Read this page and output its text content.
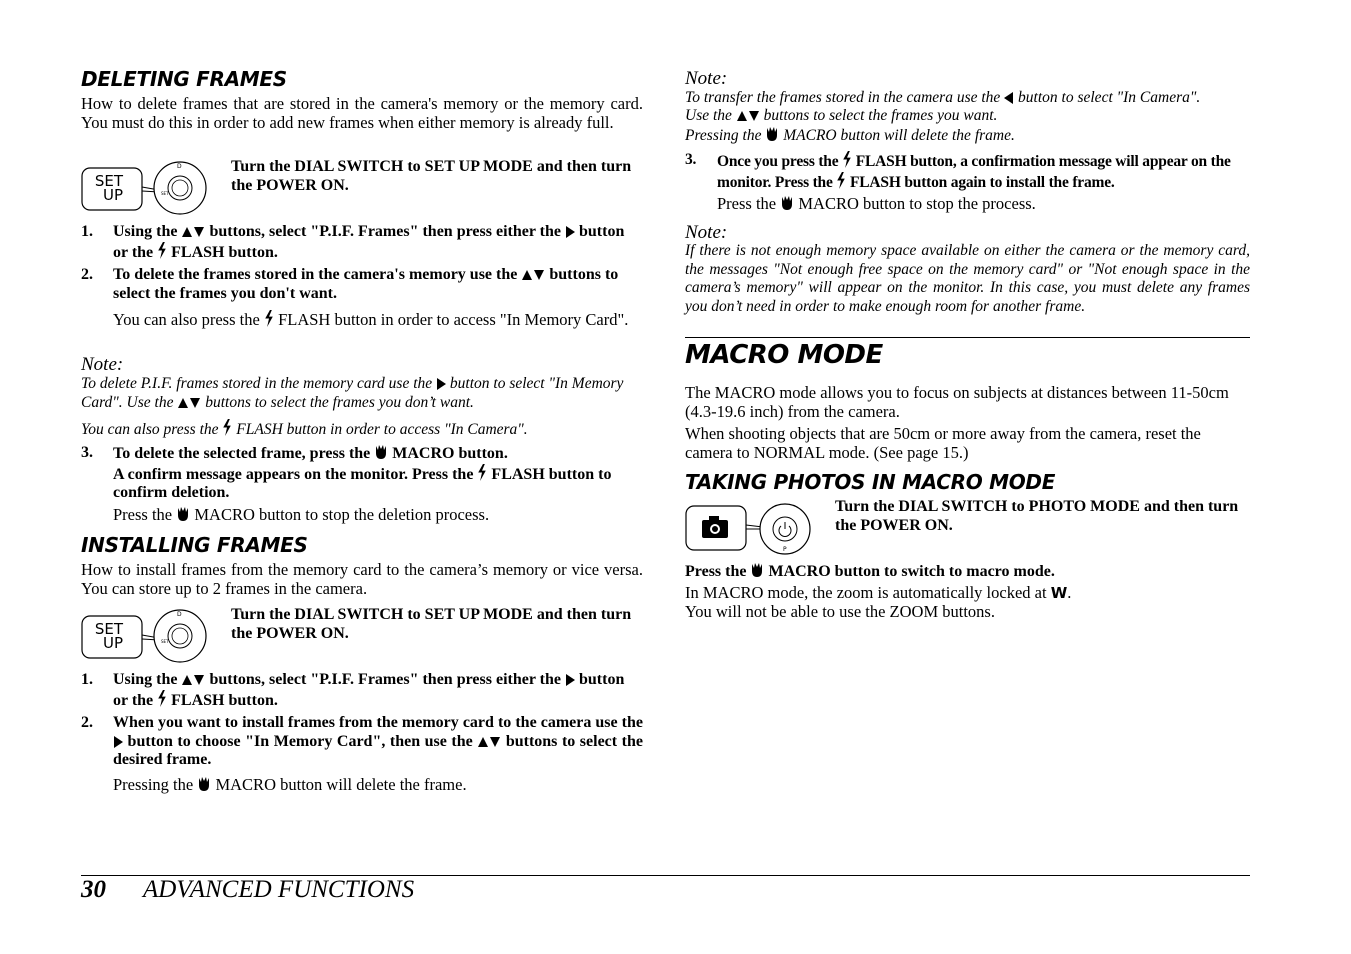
DELETING FRAMES
How to delete frames that are stored in the camera's memory or the memory card. You must do this in order to add new frames when either memory is already full.
D
SET
SET
UP
Turn the DIAL SWITCH to SET UP MODE and then turn the POWER ON.
1.	Using the  buttons, select "P.I.F. Frames" then press either the  button or the  FLASH button.
2.	To delete the frames stored in the camera's memory use the  buttons to select the frames you don't want.
You can also press the  FLASH button in order to access "In Memory Card".
Note:
To delete P.I.F. frames stored in the memory card use the  button to select "In Memory Card". Use the  buttons to select the frames you don’t want.
You can also press the  FLASH button in order to access "In Camera".
3.	To delete the selected frame, press the  MACRO button.
A confirm message appears on the monitor. Press the  FLASH button to confirm deletion.
Press the  MACRO button to stop the deletion process.
INSTALLING FRAMES
How to install frames from the memory card to the camera’s memory or vice versa. You can store up to 2 frames in the camera.
D
SET
SET
UP
Turn the DIAL SWITCH to SET UP MODE and then turn the POWER ON.
1.	Using the  buttons, select "P.I.F. Frames" then press either the  button or the  FLASH button.
2.	When you want to install frames from the memory card to the camera use the  button to choose "In Memory Card", then use the  buttons to select the desired frame.
Pressing the  MACRO button will delete the frame.
Note:
To transfer the frames stored in the camera use the  button to select "In Camera".
Use the  buttons to select the frames you want.
Pressing the  MACRO button will delete the frame.
3.	Once you press the  FLASH button, a confirmation message will appear on the monitor. Press the  FLASH button again to install the frame.
Press the  MACRO button to stop the process.
Note:
If there is not enough memory space available on either the camera or the memory card, the messages "Not enough free space on the memory card" or "Not enough space in the camera’s memory" will appear on the monitor. In this case, you must delete any frames you don’t need in order to make enough room for another frame.
MACRO MODE
The MACRO mode allows you to focus on subjects at distances between 11-50cm (4.3-19.6 inch) from the camera.
When shooting objects that are 50cm or more away from the camera, reset the camera to NORMAL mode. (See page 15.)
TAKING PHOTOS IN MACRO MODE
P
Turn the DIAL SWITCH to PHOTO MODE and then turn the POWER ON.
Press the  MACRO button to switch to macro mode.
In MACRO mode, the zoom is automatically locked at W.
You will not be able to use the ZOOM buttons.
30 ADVANCED FUNCTIONS
